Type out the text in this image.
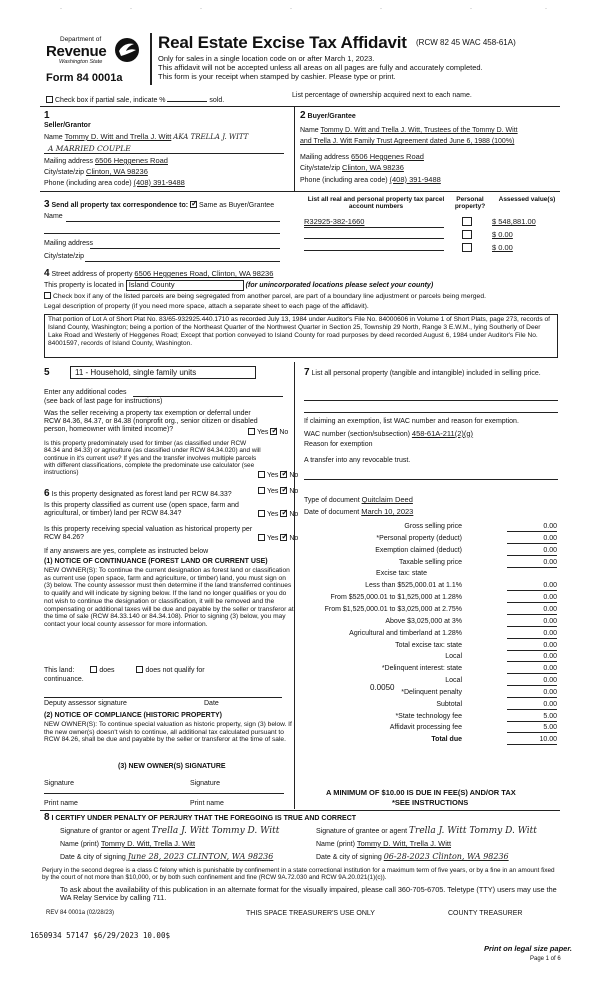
·	·	·	·	·	·	·
Department of
Revenue
Washington State
Form 84 0001a
Real Estate Excise Tax Affidavit (RCW 82 45 WAC 458-61A)
Only for sales in a single location code on or after March 1, 2023.
This affidavit will not be accepted unless all areas on all pages are fully and accurately completed.
This form is your receipt when stamped by cashier. Please type or print.
Check box if partial sale, indicate %	sold.
List percentage of ownership acquired next to each name.
1
Seller/Grantor
Name Tommy D. Witt and Trella J. Witt AKA TRELLA J. WITT
A MARRIED COUPLE
Mailing address 6506 Heggenes Road
City/state/zip Clinton, WA 98236
Phone (including area code) (408) 391-9488
2 Buyer/Grantee
Name Tommy D. Witt and Trella J. Witt, Trustees of the Tommy D. Witt
and Trella J. Witt Family Trust Agreement dated June 6, 1988 (100%)
Mailing address 6506 Heggenes Road
City/state/zip Clinton, WA 98236
Phone (including area code) (408) 391-9488
3 Send all property tax correspondence to: ✓ Same as Buyer/Grantee
Name
Mailing address
City/state/zip
List all real and personal property tax parcel account numbers
Personal property?
Assessed value(s)
R32925-382-1660	$ 548,881.00
$ 0.00
$ 0.00
4 Street address of property 6506 Heggenes Road, Clinton, WA 98236
This property is located in Island County	(for unincorporated locations please select your county)
Check box if any of the listed parcels are being segregated from another parcel, are part of a boundary line adjustment or parcels being merged.
Legal description of property (if you need more space, attach a separate sheet to each page of the affidavit).
That portion of Lot A of Short Plat No. 83/65-932925.440.1710 as recorded July 13, 1984 under Auditor's File No. 84000606 in Volume 1 of Short Plats, page 273, records of Island County, Washington; being a portion of the Northeast Quarter of the Northwest Quarter in Section 25, Township 29 North, Range 3 E.W.M., lying Southerly of Deer Lake Road and Westerly of Heggenes Road; Except that portion conveyed to Island County for road purposes by deed recorded August 6, 1984 under Auditor's File No. 84001597, records of Island County, Washington.
5	11 - Household, single family units
Enter any additional codes
(see back of last page for instructions)
Was the seller receiving a property tax exemption or deferral under RCW 84.36, 84.37, or 84.38 (nonprofit org., senior citizen or disabled person, homeowner with limited income)?	Yes ✓ No
Is this property predominately used for timber (as classified under RCW 84.34 and 84.33) or agriculture (as classified under RCW 84.34.020) and will continue in it's current use? If yes and the transfer involves multiple parcels with different classifications, complete the predominate use calculator (see instructions)	Yes ✓ No
6 Is this property designated as forest land per RCW 84.33?	Yes ✓ No
Is this property classified as current use (open space, farm and agricultural, or timber) land per RCW 84.34?	Yes ✓ No
Is this property receiving special valuation as historical property per RCW 84.26?	Yes ✓ No
If any answers are yes, complete as instructed below
(1) NOTICE OF CONTINUANCE (FOREST LAND OR CURRENT USE)
NEW OWNER(S): To continue the current designation as forest land or classification as current use (open space, farm and agriculture, or timber) land, you must sign on (3) below. The county assessor must then determine if the land transferred continues to qualify and will indicate by signing below. If the land no longer qualifies or you do not wish to continue the designation or classification, it will be removed and the compensating or additional taxes will be due and payable by the seller or transferor at the time of sale (RCW 84.33.140 or 84.34.108). Prior to signing (3) below, you may contact your local county assessor for more information.
This land:	does	does not qualify for
continuance.
Deputy assessor signature	Date
(2) NOTICE OF COMPLIANCE (HISTORIC PROPERTY)
NEW OWNER(S): To continue special valuation as historic property, sign (3) below. If the new owner(s) doesn't wish to continue, all additional tax calculated pursuant to RCW 84.26, shall be due and payable by the seller or transferor at the time of sale.
(3) NEW OWNER(S) SIGNATURE
Signature	Signature
Print name	Print name
7 List all personal property (tangible and intangible) included in selling price.
If claiming an exemption, list WAC number and reason for exemption.
WAC number (section/subsection) 458-61A-211(2)(g)
Reason for exemption
A transfer into any revocable trust.
Type of document Quitclaim Deed
Date of document March 10, 2023
Gross selling price	0.00
*Personal property (deduct)	0.00
Exemption claimed (deduct)	0.00
Taxable selling price	0.00
Excise tax: state
Less than $525,000.01 at 1.1%	0.00
From $525,000.01 to $1,525,000 at 1.28%	0.00
From $1,525,000.01 to $3,025,000 at 2.75%	0.00
Above $3,025,000 at 3%	0.00
Agricultural and timberland at 1.28%	0.00
Total excise tax: state	0.00
Local	0.00
*Delinquent interest: state	0.00
Local	0.00
*Delinquent penalty	0.00
Subtotal	0.00
*State technology fee	5.00
Affidavit processing fee	5.00
Total due	10.00
0.0050
A MINIMUM OF $10.00 IS DUE IN FEE(S) AND/OR TAX
*SEE INSTRUCTIONS
8 I CERTIFY UNDER PENALTY OF PERJURY THAT THE FOREGOING IS TRUE AND CORRECT
Signature of grantor or agent Trella J. Witt Tommy D. Witt
Name (print) Tommy D. Witt, Trella J. Witt
Date & city of signing June 28, 2023 CLINTON, WA 98236
Signature of grantee or agent Trella J. Witt Tommy D. Witt
Name (print) Tommy D. Witt, Trella J. Witt
Date & city of signing 06-28-2023 Clinton, WA 98236
Perjury in the second degree is a class C felony which is punishable by confinement in a state correctional institution for a maximum term of five years, or by a fine in an amount fixed by the court of not more than $10,000, or by both such confinement and fine (RCW 9A.72.030 and RCW 9A.20.021(1)(c)).
To ask about the availability of this publication in an alternate format for the visually impaired, please call 360-705-6705. Teletype (TTY) users may use the WA Relay Service by calling 711.
REV 84 0001a (02/28/23)	THIS SPACE TREASURER'S USE ONLY	COUNTY TREASURER
1650934 57147 $6/29/2023 10.00$
Print on legal size paper.
Page 1 of 6
